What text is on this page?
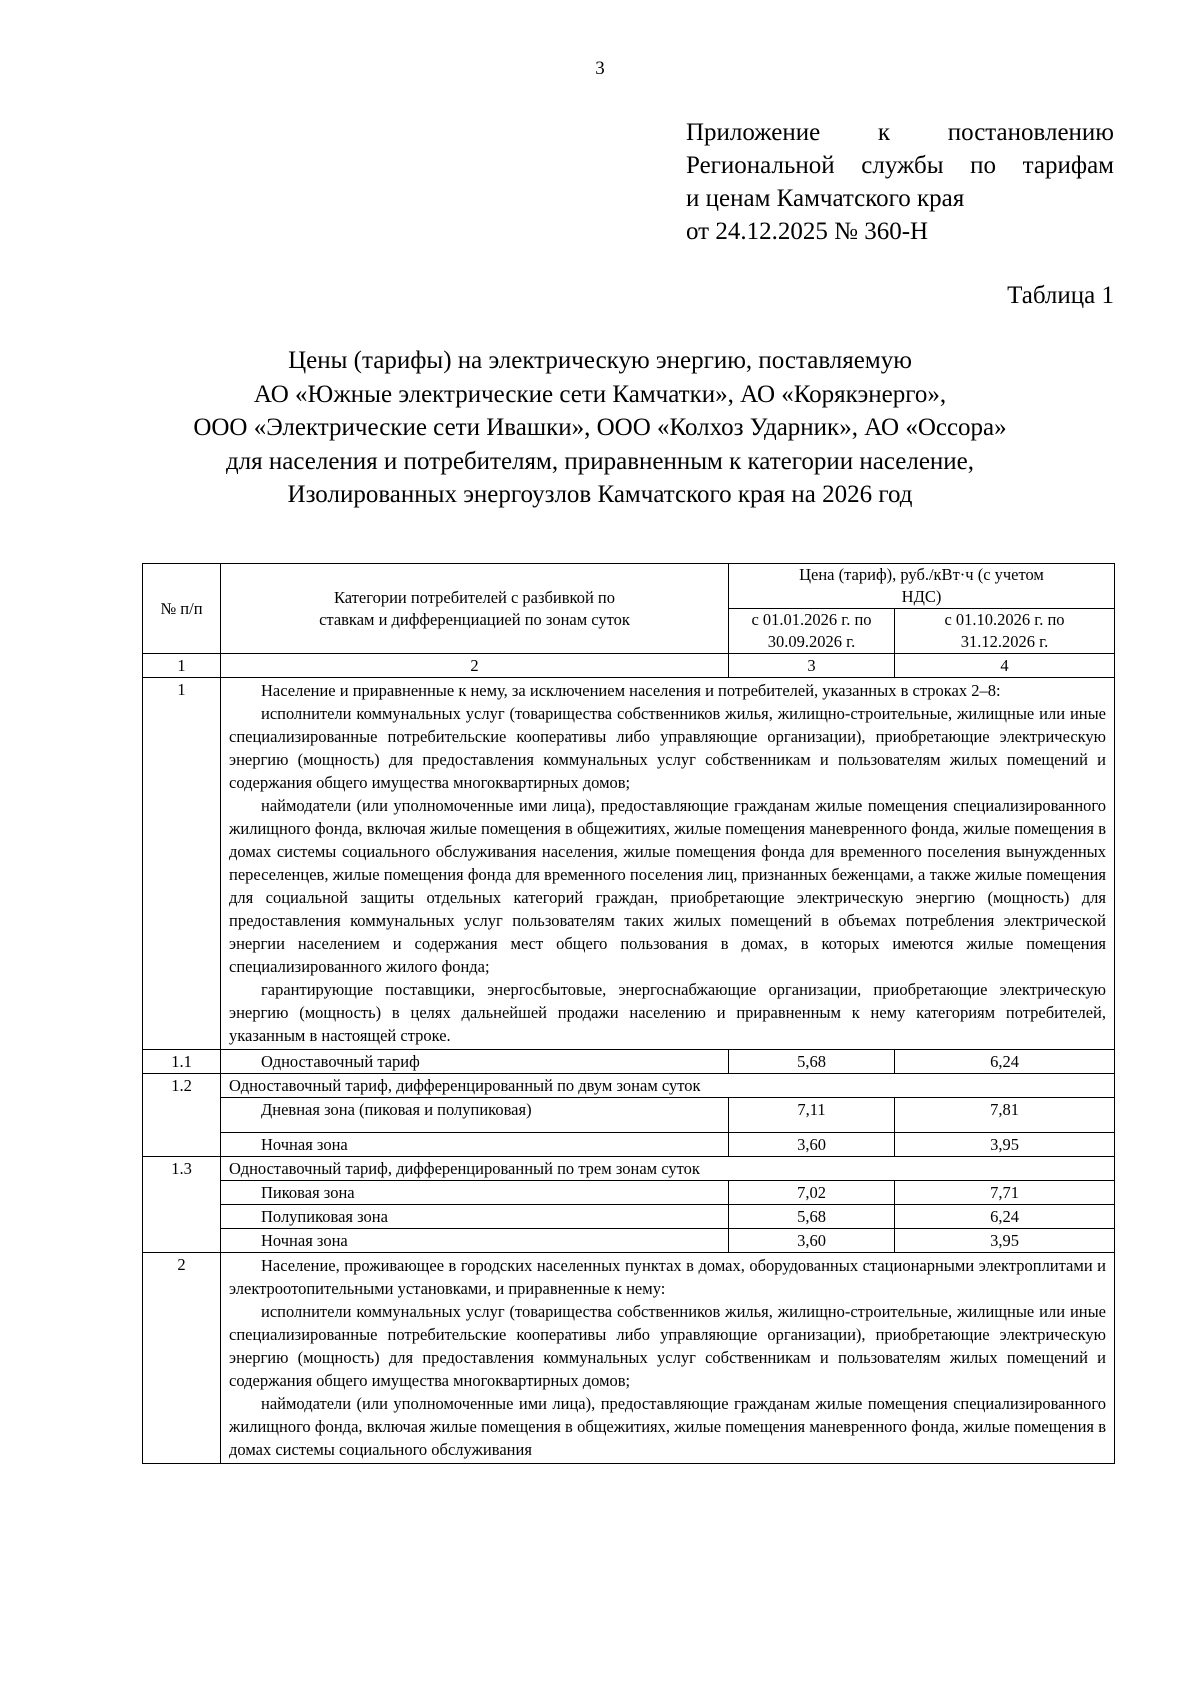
3
Приложение к постановлению
Региональной службы по тарифам
и ценам Камчатского края
от 24.12.2025 № 360-Н
Таблица 1
Цены (тарифы) на электрическую энергию, поставляемую
АО «Южные электрические сети Камчатки», АО «Корякэнерго»,
ООО «Электрические сети Ивашки», ООО «Колхоз Ударник», АО «Оссора»
для населения и потребителям, приравненным к категории население,
Изолированных энергоузлов Камчатского края на 2026 год
№ п/п	Категории потребителей с разбивкой по ставкам и дифференциацией по зонам суток	Цена (тариф), руб./кВт·ч (с учетом НДС)	
		с 01.01.2026 г. по 30.09.2026 г.	с 01.10.2026 г. по 31.12.2026 г.
1	2	3	4
1	Население и приравненные к нему, за исключением населения и потребителей, указанных в строках 2–8:

исполнители коммунальных услуг (товарищества собственников жилья, жилищно-строительные, жилищные или иные специализированные потребительские кооперативы либо управляющие организации), приобретающие электрическую энергию (мощность) для предоставления коммунальных услуг собственникам и пользователям жилых помещений и содержания общего имущества многоквартирных домов;

наймодатели (или уполномоченные ими лица), предоставляющие гражданам жилые помещения специализированного жилищного фонда, включая жилые помещения в общежитиях, жилые помещения маневренного фонда, жилые помещения в домах системы социального обслуживания населения, жилые помещения фонда для временного поселения вынужденных переселенцев, жилые помещения фонда для временного поселения лиц, признанных беженцами, а также жилые помещения для социальной защиты отдельных категорий граждан, приобретающие электрическую энергию (мощность) для предоставления коммунальных услуг пользователям таких жилых помещений в объемах потребления электрической энергии населением и содержания мест общего пользования в домах, в которых имеются жилые помещения специализированного жилого фонда;

гарантирующие поставщики, энергосбытовые, энергоснабжающие организации, приобретающие электрическую энергию (мощность) в целях дальнейшей продажи населению и приравненным к нему категориям потребителей, указанным в настоящей строке.		

1.1	Одноставочный тариф	5,68	6,24
1.2	Одноставочный тариф, дифференцированный по двум зонам суток		
	Дневная зона (пиковая и полупиковая)	7,11	7,81
	Ночная зона	3,60	3,95
1.3	Одноставочный тариф, дифференцированный по трем зонам суток		
	Пиковая зона	7,02	7,71
	Полупиковая зона	5,68	6,24
	Ночная зона	3,60	3,95
2	Население, проживающее в городских населенных пунктах в домах, оборудованных стационарными электроплитами и электроотопительными установками, и приравненные к нему:

исполнители коммунальных услуг (товарищества собственников жилья, жилищно-строительные, жилищные или иные специализированные потребительские кооперативы либо управляющие организации), приобретающие электрическую энергию (мощность) для предоставления коммунальных услуг собственникам и пользователям жилых помещений и содержания общего имущества многоквартирных домов;

наймодатели (или уполномоченные ими лица), предоставляющие гражданам жилые помещения специализированного жилищного фонда, включая жилые помещения в общежитиях, жилые помещения маневренного фонда, жилые помещения в домах системы социального обслуживания		
